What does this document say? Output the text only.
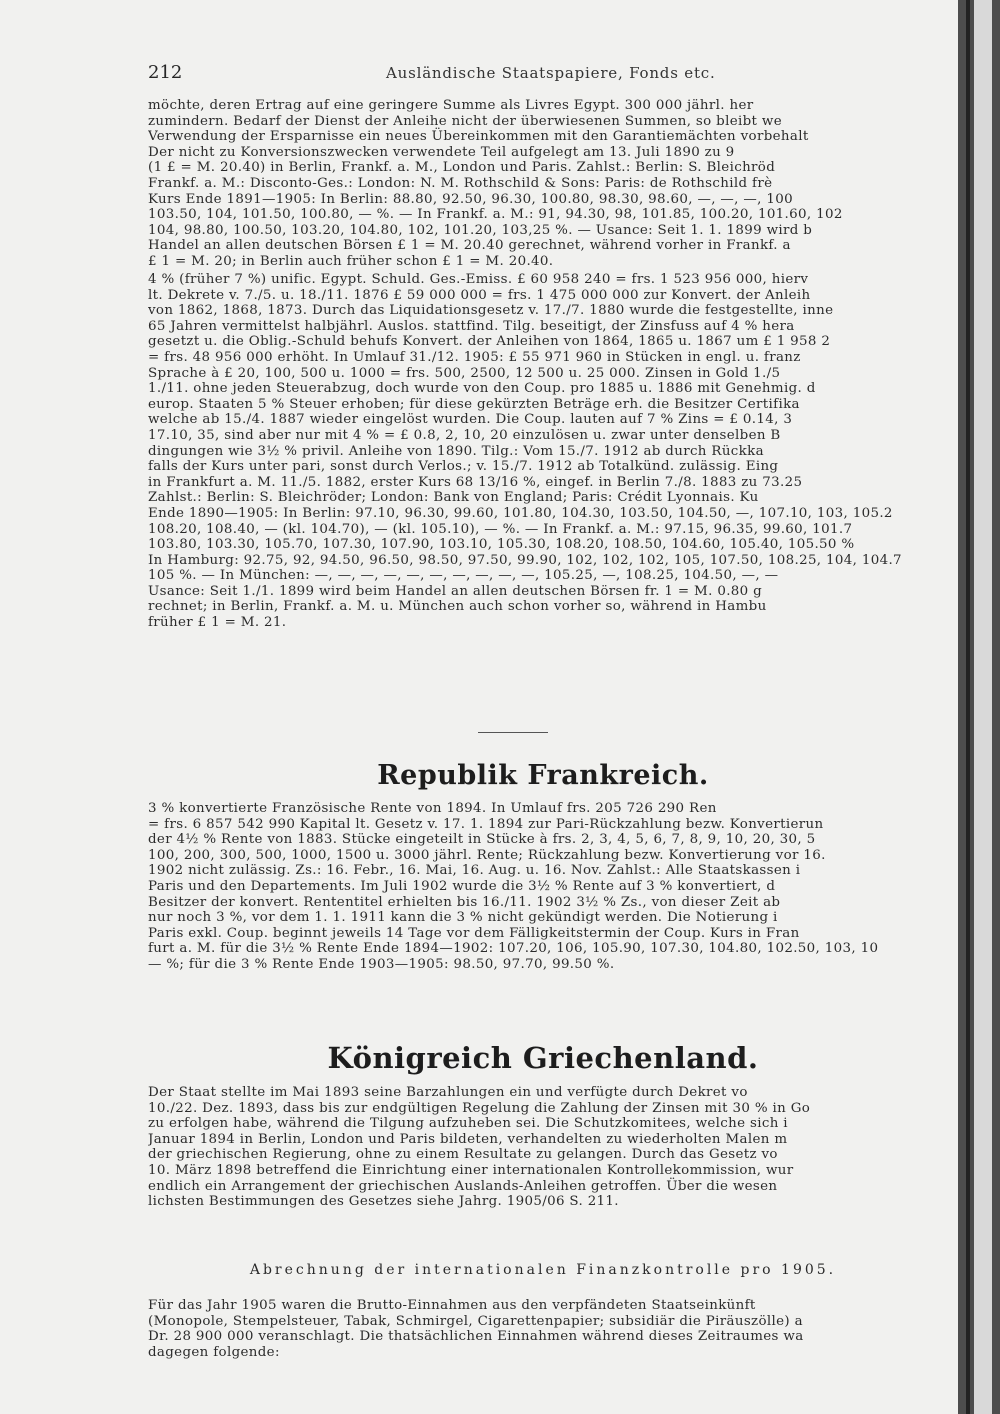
212	Ausländische Staatspapiere, Fonds etc.
möchte, deren Ertrag auf eine geringere Summe als Livres Egypt. 300 000 jährl. her
zumindern. Bedarf der Dienst der Anleihe nicht der überwiesenen Summen, so bleibt we
Verwendung der Ersparnisse ein neues Übereinkommen mit den Garantiemächten vorbehalt
Der nicht zu Konversionszwecken verwendete Teil aufgelegt am 13. Juli 1890 zu 9
(1 £ = M. 20.40) in Berlin, Frankf. a. M., London und Paris. Zahlst.: Berlin: S. Bleichröd
Frankf. a. M.: Disconto-Ges.: London: N. M. Rothschild & Sons: Paris: de Rothschild frè
Kurs Ende 1891—1905: In Berlin: 88.80, 92.50, 96.30, 100.80, 98.30, 98.60, —, —, —, 100
103.50, 104, 101.50, 100.80, — %. — In Frankf. a. M.: 91, 94.30, 98, 101.85, 100.20, 101.60, 102
104, 98.80, 100.50, 103.20, 104.80, 102, 101.20, 103,25 %. — Usance: Seit 1. 1. 1899 wird b
Handel an allen deutschen Börsen £ 1 = M. 20.40 gerechnet, während vorher in Frankf. a
£ 1 = M. 20; in Berlin auch früher schon £ 1 = M. 20.40.
4 % (früher 7 %) unific. Egypt. Schuld. Ges.-Emiss. £ 60 958 240 = frs. 1 523 956 000, hierv
lt. Dekrete v. 7./5. u. 18./11. 1876 £ 59 000 000 = frs. 1 475 000 000 zur Konvert. der Anleih
von 1862, 1868, 1873. Durch das Liquidationsgesetz v. 17./7. 1880 wurde die festgestellte, inne
65 Jahren vermittelst halbjährl. Auslos. stattfind. Tilg. beseitigt, der Zinsfuss auf 4 % hera
gesetzt u. die Oblig.-Schuld behufs Konvert. der Anleihen von 1864, 1865 u. 1867 um £ 1 958 2
= frs. 48 956 000 erhöht. In Umlauf 31./12. 1905: £ 55 971 960 in Stücken in engl. u. franz
Sprache à £ 20, 100, 500 u. 1000 = frs. 500, 2500, 12 500 u. 25 000. Zinsen in Gold 1./5
1./11. ohne jeden Steuerabzug, doch wurde von den Coup. pro 1885 u. 1886 mit Genehmig. d
europ. Staaten 5 % Steuer erhoben; für diese gekürzten Beträge erh. die Besitzer Certifika
welche ab 15./4. 1887 wieder eingelöst wurden. Die Coup. lauten auf 7 % Zins = £ 0.14, 3
17.10, 35, sind aber nur mit 4 % = £ 0.8, 2, 10, 20 einzulösen u. zwar unter denselben B
dingungen wie 3½ % privil. Anleihe von 1890. Tilg.: Vom 15./7. 1912 ab durch Rückka
falls der Kurs unter pari, sonst durch Verlos.; v. 15./7. 1912 ab Totalkünd. zulässig. Eing
in Frankfurt a. M. 11./5. 1882, erster Kurs 68 13/16 %, eingef. in Berlin 7./8. 1883 zu 73.25
Zahlst.: Berlin: S. Bleichröder; London: Bank von England; Paris: Crédit Lyonnais. Ku
Ende 1890—1905: In Berlin: 97.10, 96.30, 99.60, 101.80, 104.30, 103.50, 104.50, —, 107.10, 103, 105.2
108.20, 108.40, — (kl. 104.70), — (kl. 105.10), — %. — In Frankf. a. M.: 97.15, 96.35, 99.60, 101.7
103.80, 103.30, 105.70, 107.30, 107.90, 103.10, 105.30, 108.20, 108.50, 104.60, 105.40, 105.50 %
In Hamburg: 92.75, 92, 94.50, 96.50, 98.50, 97.50, 99.90, 102, 102, 102, 105, 107.50, 108.25, 104, 104.7
105 %. — In München: —, —, —, —, —, —, —, —, —, —, 105.25, —, 108.25, 104.50, —, —
Usance: Seit 1./1. 1899 wird beim Handel an allen deutschen Börsen fr. 1 = M. 0.80 g
rechnet; in Berlin, Frankf. a. M. u. München auch schon vorher so, während in Hambu
früher £ 1 = M. 21.
Republik Frankreich.
3 % konvertierte Französische Rente von 1894. In Umlauf frs. 205 726 290 Ren
= frs. 6 857 542 990 Kapital lt. Gesetz v. 17. 1. 1894 zur Pari-Rückzahlung bezw. Konvertierun
der 4½ % Rente von 1883. Stücke eingeteilt in Stücke à frs. 2, 3, 4, 5, 6, 7, 8, 9, 10, 20, 30, 5
100, 200, 300, 500, 1000, 1500 u. 3000 jährl. Rente; Rückzahlung bezw. Konvertierung vor 16.
1902 nicht zulässig. Zs.: 16. Febr., 16. Mai, 16. Aug. u. 16. Nov. Zahlst.: Alle Staatskassen i
Paris und den Departements. Im Juli 1902 wurde die 3½ % Rente auf 3 % konvertiert, d
Besitzer der konvert. Rententitel erhielten bis 16./11. 1902 3½ % Zs., von dieser Zeit ab
nur noch 3 %, vor dem 1. 1. 1911 kann die 3 % nicht gekündigt werden. Die Notierung i
Paris exkl. Coup. beginnt jeweils 14 Tage vor dem Fälligkeitstermin der Coup. Kurs in Fran
furt a. M. für die 3½ % Rente Ende 1894—1902: 107.20, 106, 105.90, 107.30, 104.80, 102.50, 103, 10
— %; für die 3 % Rente Ende 1903—1905: 98.50, 97.70, 99.50 %.
Königreich Griechenland.
Der Staat stellte im Mai 1893 seine Barzahlungen ein und verfügte durch Dekret vo
10./22. Dez. 1893, dass bis zur endgültigen Regelung die Zahlung der Zinsen mit 30 % in Go
zu erfolgen habe, während die Tilgung aufzuheben sei. Die Schutzkomitees, welche sich i
Januar 1894 in Berlin, London und Paris bildeten, verhandelten zu wiederholten Malen m
der griechischen Regierung, ohne zu einem Resultate zu gelangen. Durch das Gesetz vo
10. März 1898 betreffend die Einrichtung einer internationalen Kontrollekommission, wur
endlich ein Arrangement der griechischen Auslands-Anleihen getroffen. Über die wesen
lichsten Bestimmungen des Gesetzes siehe Jahrg. 1905/06 S. 211.
Abrechnung der internationalen Finanzkontrolle pro 1905.
Für das Jahr 1905 waren die Brutto-Einnahmen aus den verpfändeten Staatseinkünft
(Monopole, Stempelsteuer, Tabak, Schmirgel, Cigarettenpapier; subsidiär die Piräuszölle) a
Dr. 28 900 000 veranschlagt. Die thatsächlichen Einnahmen während dieses Zeitraumes wa
dagegen folgende:
